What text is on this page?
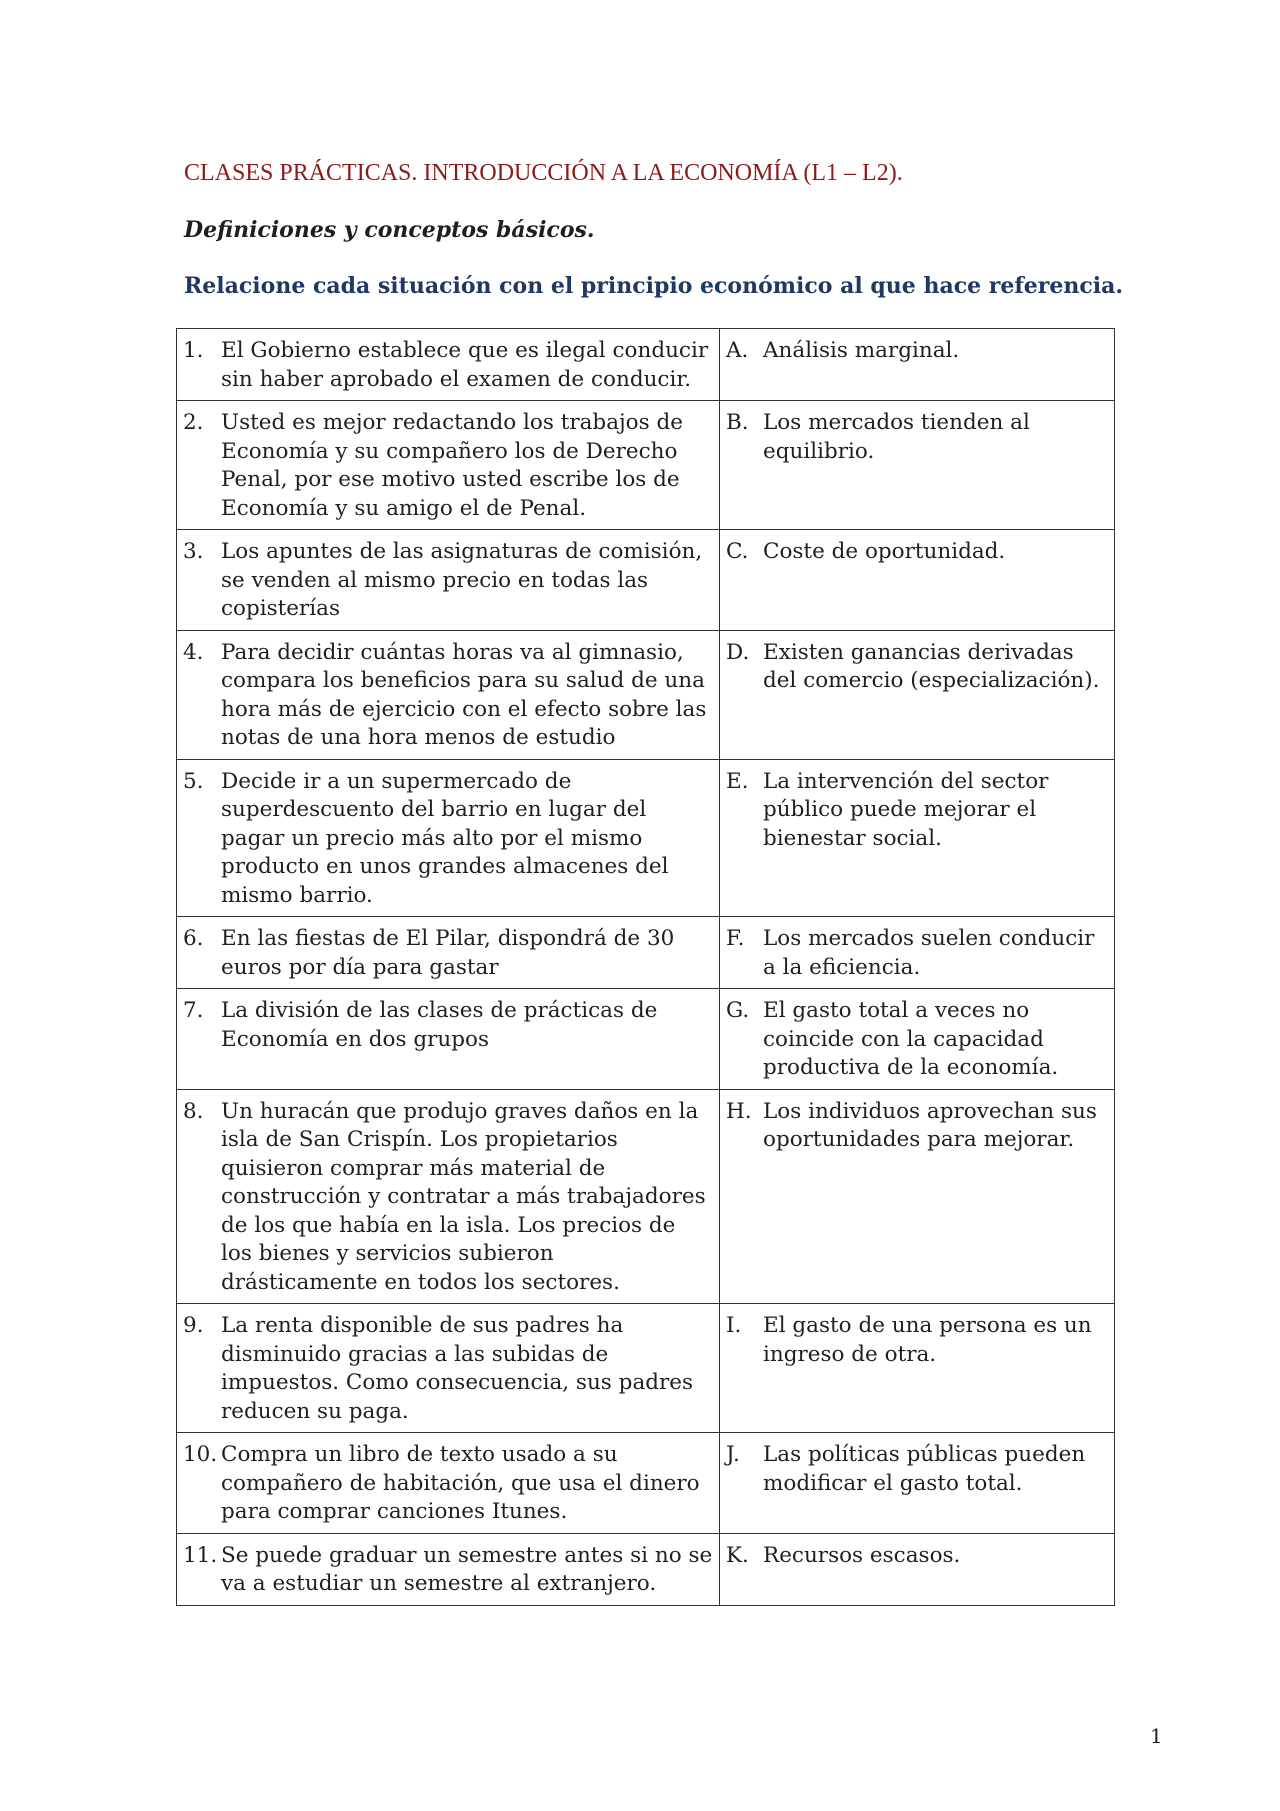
CLASES PRÁCTICAS. INTRODUCCIÓN A LA ECONOMÍA (L1 – L2).

Definiciones y conceptos básicos.

Relacione cada situación con el principio económico al que hace referencia.

1. El Gobierno establece que es ilegal conducir sin haber aprobado el examen de conducir.	A. Análisis marginal.

2. Usted es mejor redactando los trabajos de Economía y su compañero los de Derecho Penal, por ese motivo usted escribe los de Economía y su amigo el de Penal.	B. Los mercados tienden al equilibrio.

3. Los apuntes de las asignaturas de comisión, se venden al mismo precio en todas las copisterías	C. Coste de oportunidad.

4. Para decidir cuántas horas va al gimnasio, compara los beneficios para su salud de una hora más de ejercicio con el efecto sobre las notas de una hora menos de estudio	D. Existen ganancias derivadas del comercio (especialización).

5. Decide ir a un supermercado de superdescuento del barrio en lugar del pagar un precio más alto por el mismo producto en unos grandes almacenes del mismo barrio.	E. La intervención del sector público puede mejorar el bienestar social.

6. En las fiestas de El Pilar, dispondrá de 30 euros por día para gastar	F. Los mercados suelen conducir a la eficiencia.

7. La división de las clases de prácticas de Economía en dos grupos	G. El gasto total a veces no coincide con la capacidad productiva de la economía.

8. Un huracán que produjo graves daños en la isla de San Crispín. Los propietarios quisieron comprar más material de construcción y contratar a más trabajadores de los que había en la isla. Los precios de los bienes y servicios subieron drásticamente en todos los sectores.	H. Los individuos aprovechan sus oportunidades para mejorar.

9. La renta disponible de sus padres ha disminuido gracias a las subidas de impuestos. Como consecuencia, sus padres reducen su paga.	I. El gasto de una persona es un ingreso de otra.

10. Compra un libro de texto usado a su compañero de habitación, que usa el dinero para comprar canciones Itunes.	J. Las políticas públicas pueden modificar el gasto total.

11. Se puede graduar un semestre antes si no se va a estudiar un semestre al extranjero.	K. Recursos escasos.

1
